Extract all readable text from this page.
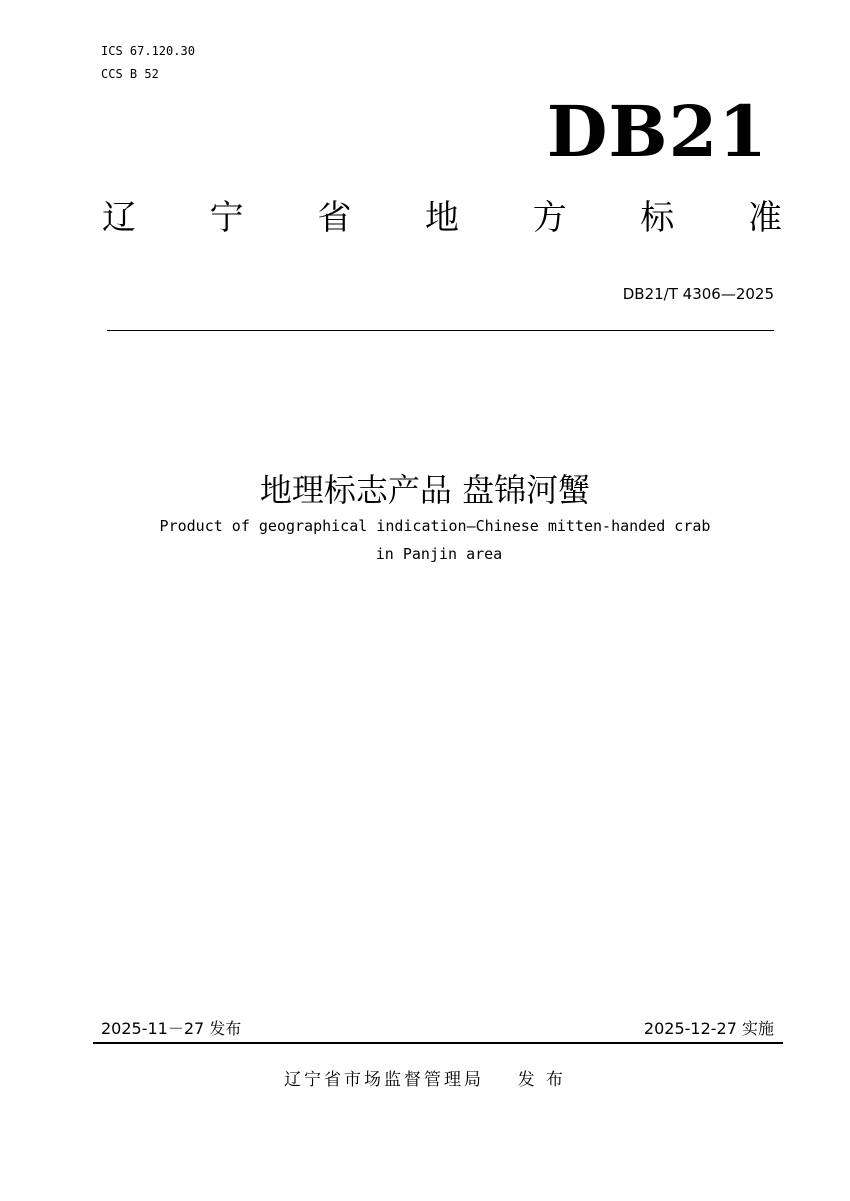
ICS 67.120.30
CCS B 52
DB21
辽 宁 省 地 方 标 准
DB21/T 4306—2025
地理标志产品 盘锦河蟹
Product of geographical indication—Chinese mitten-handed crab
in Panjin area
2025-11－27 发布	2025-12-27 实施
辽宁省市场监督管理局 发 布
